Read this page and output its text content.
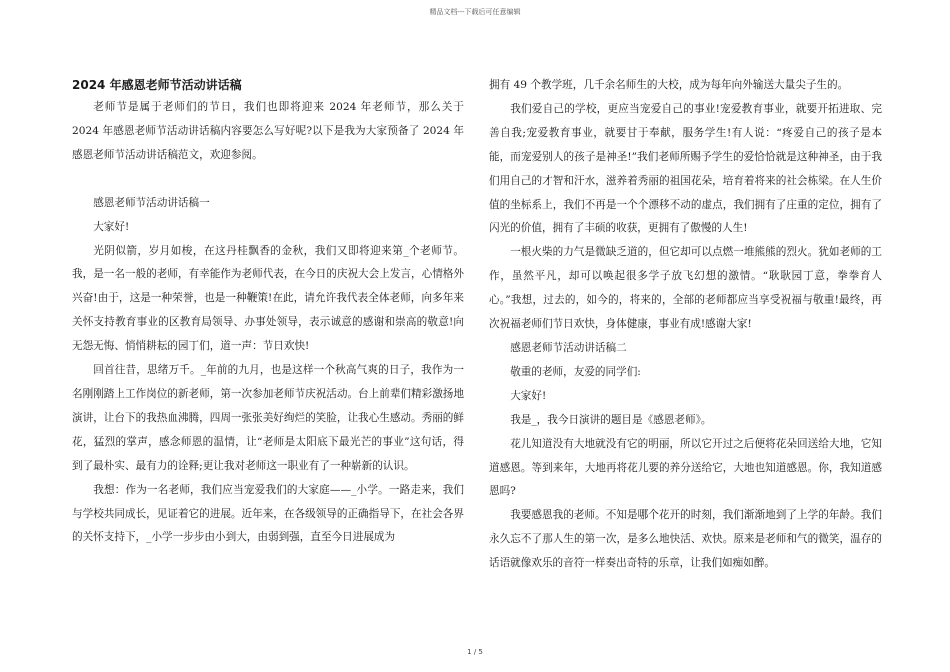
精品文档---下载后可任意编辑

2024 年感恩老师节活动讲话稿

老师节是属于老师们的节日，我们也即将迎来 2024 年老师节，那么关于 2024 年感恩老师节活动讲话稿内容要怎么写好呢?以下是我为大家预备了 2024 年感恩老师节活动讲话稿范文，欢迎参阅。

感恩老师节活动讲话稿一

大家好!

光阴似箭，岁月如梭，在这丹桂飘香的金秋，我们又即将迎来第_个老师节。我，是一名一般的老师，有幸能作为老师代表，在今日的庆祝大会上发言，心情格外兴奋!由于，这是一种荣誉，也是一种鞭策!在此，请允许我代表全体老师，向多年来关怀支持教育事业的区教育局领导、办事处领导，表示诚意的感谢和崇高的敬意!向无怨无悔、悄悄耕耘的园丁们，道一声：节日欢快!

回首往昔，思绪万千。_年前的九月，也是这样一个秋高气爽的日子，我作为一名刚刚踏上工作岗位的新老师，第一次参加老师节庆祝活动。台上前辈们精彩激扬地演讲，让台下的我热血沸腾，四周一张张美好绚烂的笑脸，让我心生感动。秀丽的鲜花，猛烈的掌声，感念师恩的温情，让“老师是太阳底下最光芒的事业”这句话，得到了最朴实、最有力的诠释;更让我对老师这一职业有了一种崭新的认识。

我想：作为一名老师，我们应当宠爱我们的大家庭——_小学。一路走来，我们与学校共同成长，见证着它的进展。近年来，在各级领导的正确指导下，在社会各界的关怀支持下，_小学一步步由小到大，由弱到强，直至今日进展成为

拥有 49 个教学班，几千余名师生的大校，成为每年向外输送大量尖子生的。

我们爱自己的学校，更应当宠爱自己的事业!宠爱教育事业，就要开拓进取、完善自我;宠爱教育事业，就要甘于奉献，服务学生!有人说：“疼爱自己的孩子是本能，而宠爱别人的孩子是神圣!”我们老师所赐予学生的爱恰恰就是这种神圣，由于我们用自己的才智和汗水，滋养着秀丽的祖国花朵，培育着将来的社会栋梁。在人生价值的坐标系上，我们不再是一个个漂移不动的虚点，我们拥有了庄重的定位，拥有了闪光的价值，拥有了丰硕的收获，更拥有了傲慢的人生!

一根火柴的力气是微缺乏道的，但它却可以点燃一堆熊熊的烈火。犹如老师的工作，虽然平凡，却可以唤起很多学子放飞幻想的激情。“耿耿园丁意，拳拳育人心。”我想，过去的，如今的，将来的，全部的老师都应当享受祝福与敬重!最终，再次祝福老师们节日欢快，身体健康，事业有成!感谢大家!

感恩老师节活动讲话稿二

敬重的老师，友爱的同学们:

大家好!

我是_，我今日演讲的题目是《感恩老师》。

花儿知道没有大地就没有它的明丽，所以它开过之后便将花朵回送给大地，它知道感恩。等到来年，大地再将花儿要的养分送给它，大地也知道感恩。你，我知道感恩吗?

我要感恩我的老师。不知是哪个花开的时刻，我们渐渐地到了上学的年龄。我们永久忘不了那人生的第一次，是多么地快活、欢快。原来是老师和气的微笑，温存的话语就像欢乐的音符一样奏出奇特的乐章，让我们如痴如醉。

1 / 5
